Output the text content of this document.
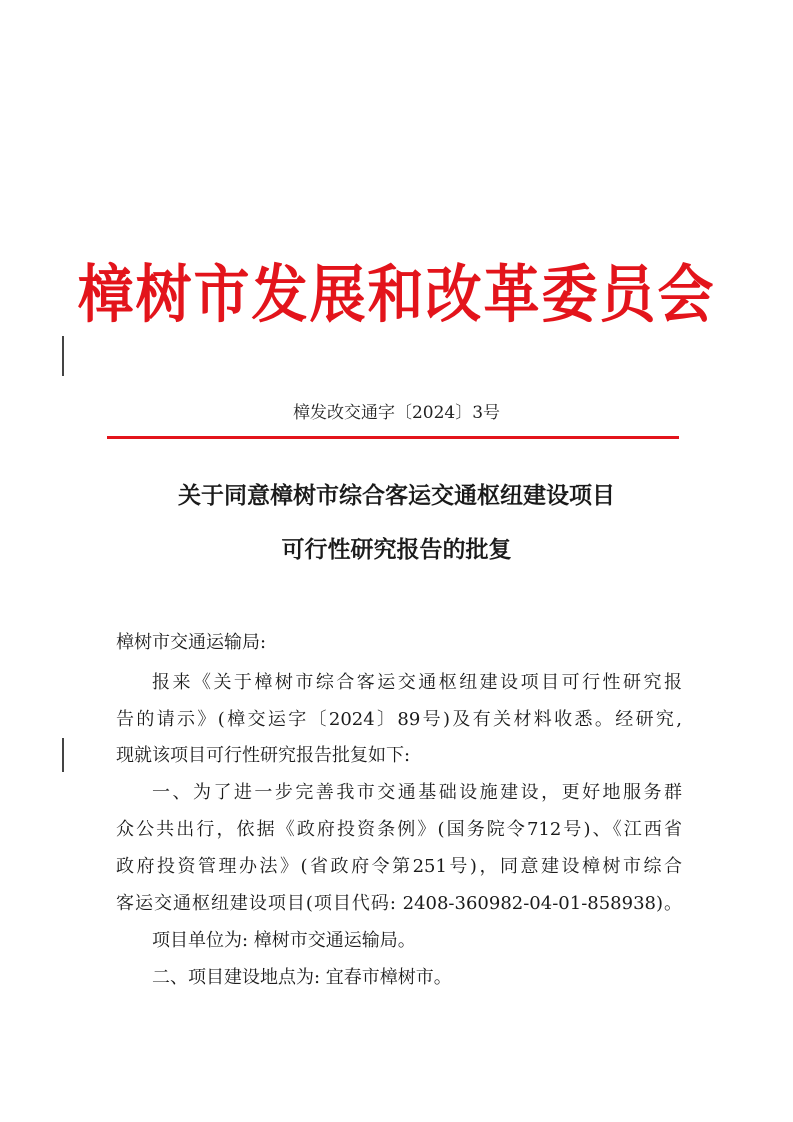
樟树市发展和改革委员会
樟发改交通字〔2024〕3号
关于同意樟树市综合客运交通枢纽建设项目
可行性研究报告的批复
樟树市交通运输局:
报来《关于樟树市综合客运交通枢纽建设项目可行性研究报
告的请示》(樟交运字〔2024〕89号)及有关材料收悉。经研究,
现就该项目可行性研究报告批复如下:
一、为了进一步完善我市交通基础设施建设，更好地服务群
众公共出行，依据《政府投资条例》(国务院令712号)、《江西省
政府投资管理办法》(省政府令第251号)，同意建设樟树市综合
客运交通枢纽建设项目(项目代码: 2408-360982-04-01-858938)。
项目单位为: 樟树市交通运输局。
二、项目建设地点为: 宜春市樟树市。
